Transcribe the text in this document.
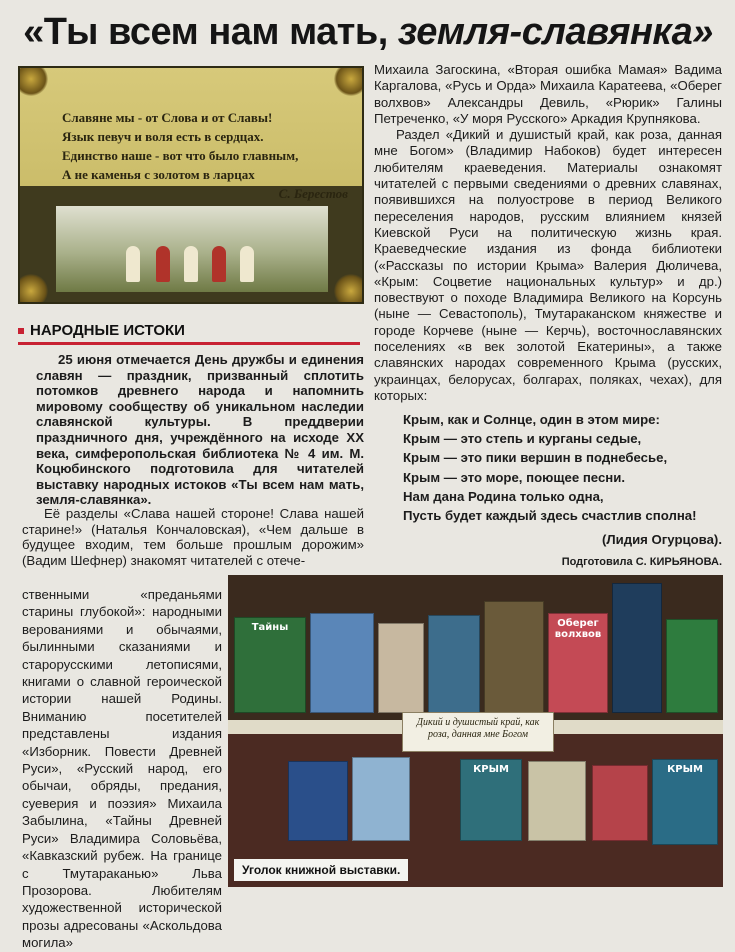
«Ты всем нам мать, земля-славянка»
Славяне мы - от Слова и от Славы!
Язык певуч и воля есть в сердцах.
Единство наше - вот что было главным,
А не каменья с золотом в ларцах
С. Берестов
НАРОДНЫЕ ИСТОКИ
25 июня отмечается День дружбы и единения славян — праздник, призванный сплотить потомков древнего народа и напомнить мировому сообществу об уникальном наследии славянской культуры. В преддверии праздничного дня, учреждённого на исходе XX века, симферопольская библиотека № 4 им. М. Коцюбинского подготовила для читателей выставку народных истоков «Ты всем нам мать, земля-славянка».

Её разделы «Слава нашей стороне! Слава нашей старине!» (Наталья Кончаловская), «Чем дальше в будущее входим, тем больше прошлым дорожим» (Вадим Шефнер) знакомят читателей с отече-

ственными «преданьями старины глубокой»: народными верованиями и обычаями, былинными сказаниями и старорусскими летописями, книгами о славной героической истории нашей Родины. Вниманию посетителей представлены издания «Изборник. Повести Древней Руси», «Русский народ, его обычаи, обряды, предания, суеверия и поэзия» Михаила Забылина, «Тайны Древней Руси» Владимира Соловьёва, «Кавказский рубеж. На границе с Тмутараканью» Льва Прозорова. Любителям художественной исторической прозы адресованы «Аскольдова могила»

Михаила Загоскина, «Вторая ошибка Мамая» Вадима Каргалова, «Русь и Орда» Михаила Каратеева, «Оберег волхвов» Александры Девиль, «Рюрик» Галины Петреченко, «У моря Русского» Аркадия Крупнякова.

Раздел «Дикий и душистый край, как роза, данная мне Богом» (Владимир Набоков) будет интересен любителям краеведения. Материалы ознакомят читателей с первыми сведениями о древних славянах, появившихся на полуострове в период Великого переселения народов, русским влиянием князей Киевской Руси на политическую жизнь края. Краеведческие издания из фонда библиотеки («Рассказы по истории Крыма» Валерия Дюличева, «Крым: Соцветие национальных культур» и др.) повествуют о походе Владимира Великого на Корсунь (ныне — Севастополь), Тмутараканском княжестве и городе Корчеве (ныне — Керчь), восточнославянских поселениях «в век золотой Екатерины», а также славянских народах современного Крыма (русских, украинцах, белорусах, болгарах, поляках, чехах), для которых:

Крым, как и Солнце, один в этом мире:
Крым — это степь и курганы седые,
Крым — это пики вершин в поднебесье,
Крым — это море, поющее песни.
Нам дана Родина только одна,
Пусть будет каждый здесь счастлив сполна!
(Лидия Огурцова).
Подготовила С. КИРЬЯНОВА.
Тайны	Оберег волхвов
КРЫМ	КРЫМ
Дикий и душистый край, как роза, данная мне Богом
Уголок книжной выставки.
